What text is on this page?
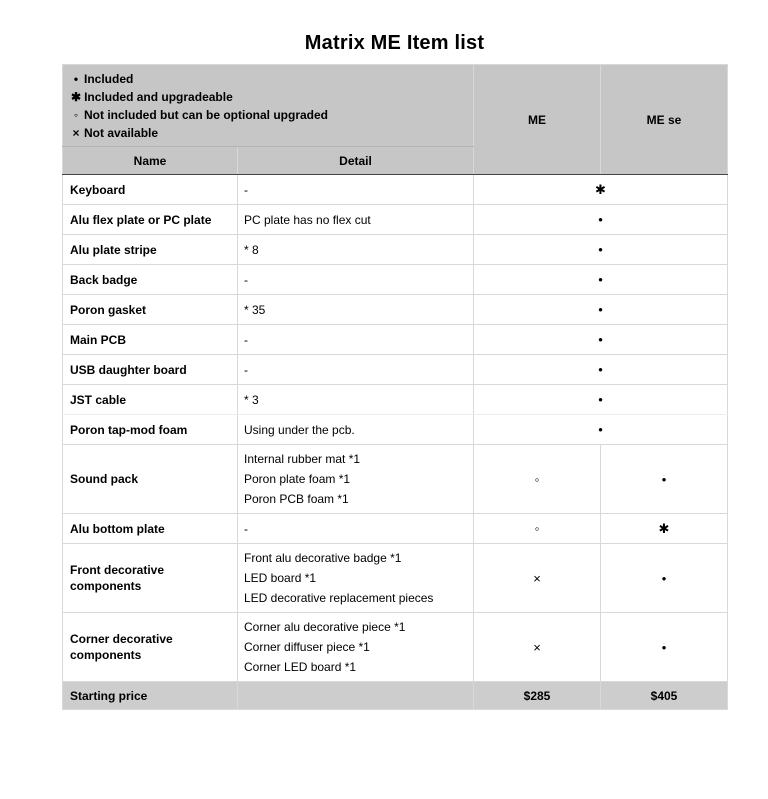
Matrix ME Item list
• Included
✱ Included and upgradeable
◦ Not included but can be optional upgraded
× Not available		ME	ME se
Name	Detail		
Keyboard	-	✱	
Alu flex plate or PC plate	PC plate has no flex cut	•	
Alu plate stripe	* 8	•	
Back badge	-	•	
Poron gasket	* 35	•	
Main PCB	-	•	
USB daughter board	-	•	
JST cable	* 3	•	
Poron tap-mod foam	Using under the pcb.	•	
Sound pack	Internal rubber mat *1
Poron plate foam *1
Poron PCB foam *1	◦	•
Alu bottom plate	-	◦	✱
Front decorative components	Front alu decorative badge *1
LED board *1
LED decorative replacement pieces	×	•
Corner decorative components	Corner alu decorative piece *1
Corner diffuser piece *1
Corner LED board *1	×	•
Starting price		$285	$405
